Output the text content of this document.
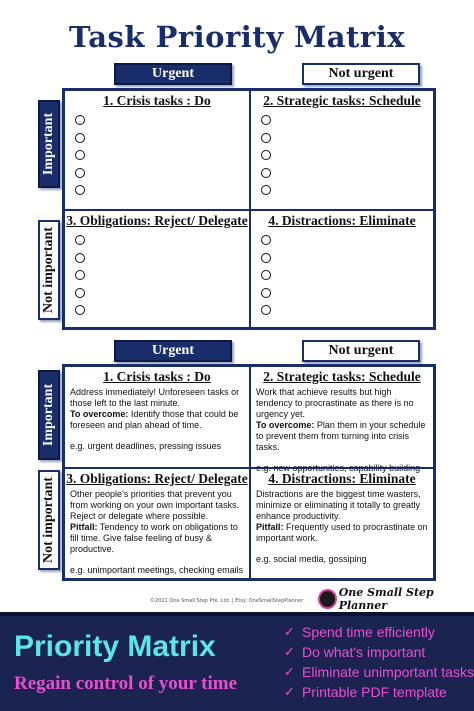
Task Priority Matrix
Urgent	Not urgent
Important
Not important
1. Crisis tasks : Do	2. Strategic tasks: Schedule
3. Obligations: Reject/ Delegate	4. Distractions: Eliminate
Urgent	Not urgent
Important
Not important
1. Crisis tasks : Do

Address immediately! Unforeseen tasks or those left to the last minute.

To overcome: Identify those that could be foreseen and plan ahead of time.

e.g. urgent deadlines, pressing issues

2. Strategic tasks: Schedule

Work that achieve results but high tendency to procrastinate as there is no urgency yet.

To overcome: Plan them in your schedule to prevent them from turning into crisis tasks.

e.g. new opportunities, capability building

3. Obligations: Reject/ Delegate

Other people's priorities that prevent you from working on your own important tasks. Reject or delegate where possible.

Pitfall: Tendency to work on obligations to fill time. Give false feeling of busy & productive.

e.g. unimportant meetings, checking emails

4. Distractions: Eliminate

Distractions are the biggest time wasters, minimize or eliminating it totally to greatly enhance productivity.

Pitfall: Frequently used to procrastinate on important work.

e.g. social media, gossiping

©2021 One Small Step Pte. Ltd. | Etsy: OneSmallStepPlanner
One Small Step Planner
Priority Matrix
Regain control of your time
✓ Spend time efficiently
✓ Do what's important
✓ Eliminate unimportant tasks
✓ Printable PDF template
